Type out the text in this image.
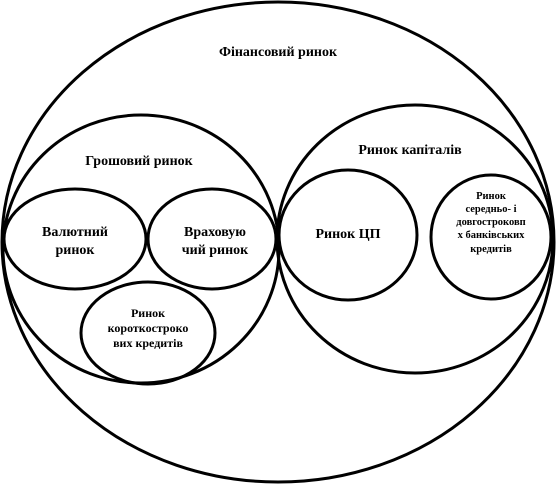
Фінансовий ринок
Грошовий ринок
Валютний
ринок
Враховую
чий ринок
Ринок
короткостроко
вих кредитів
Ринок капіталів
Ринок ЦП
Ринок
середньо- і
довгостроковп
х банківських
кредитів
